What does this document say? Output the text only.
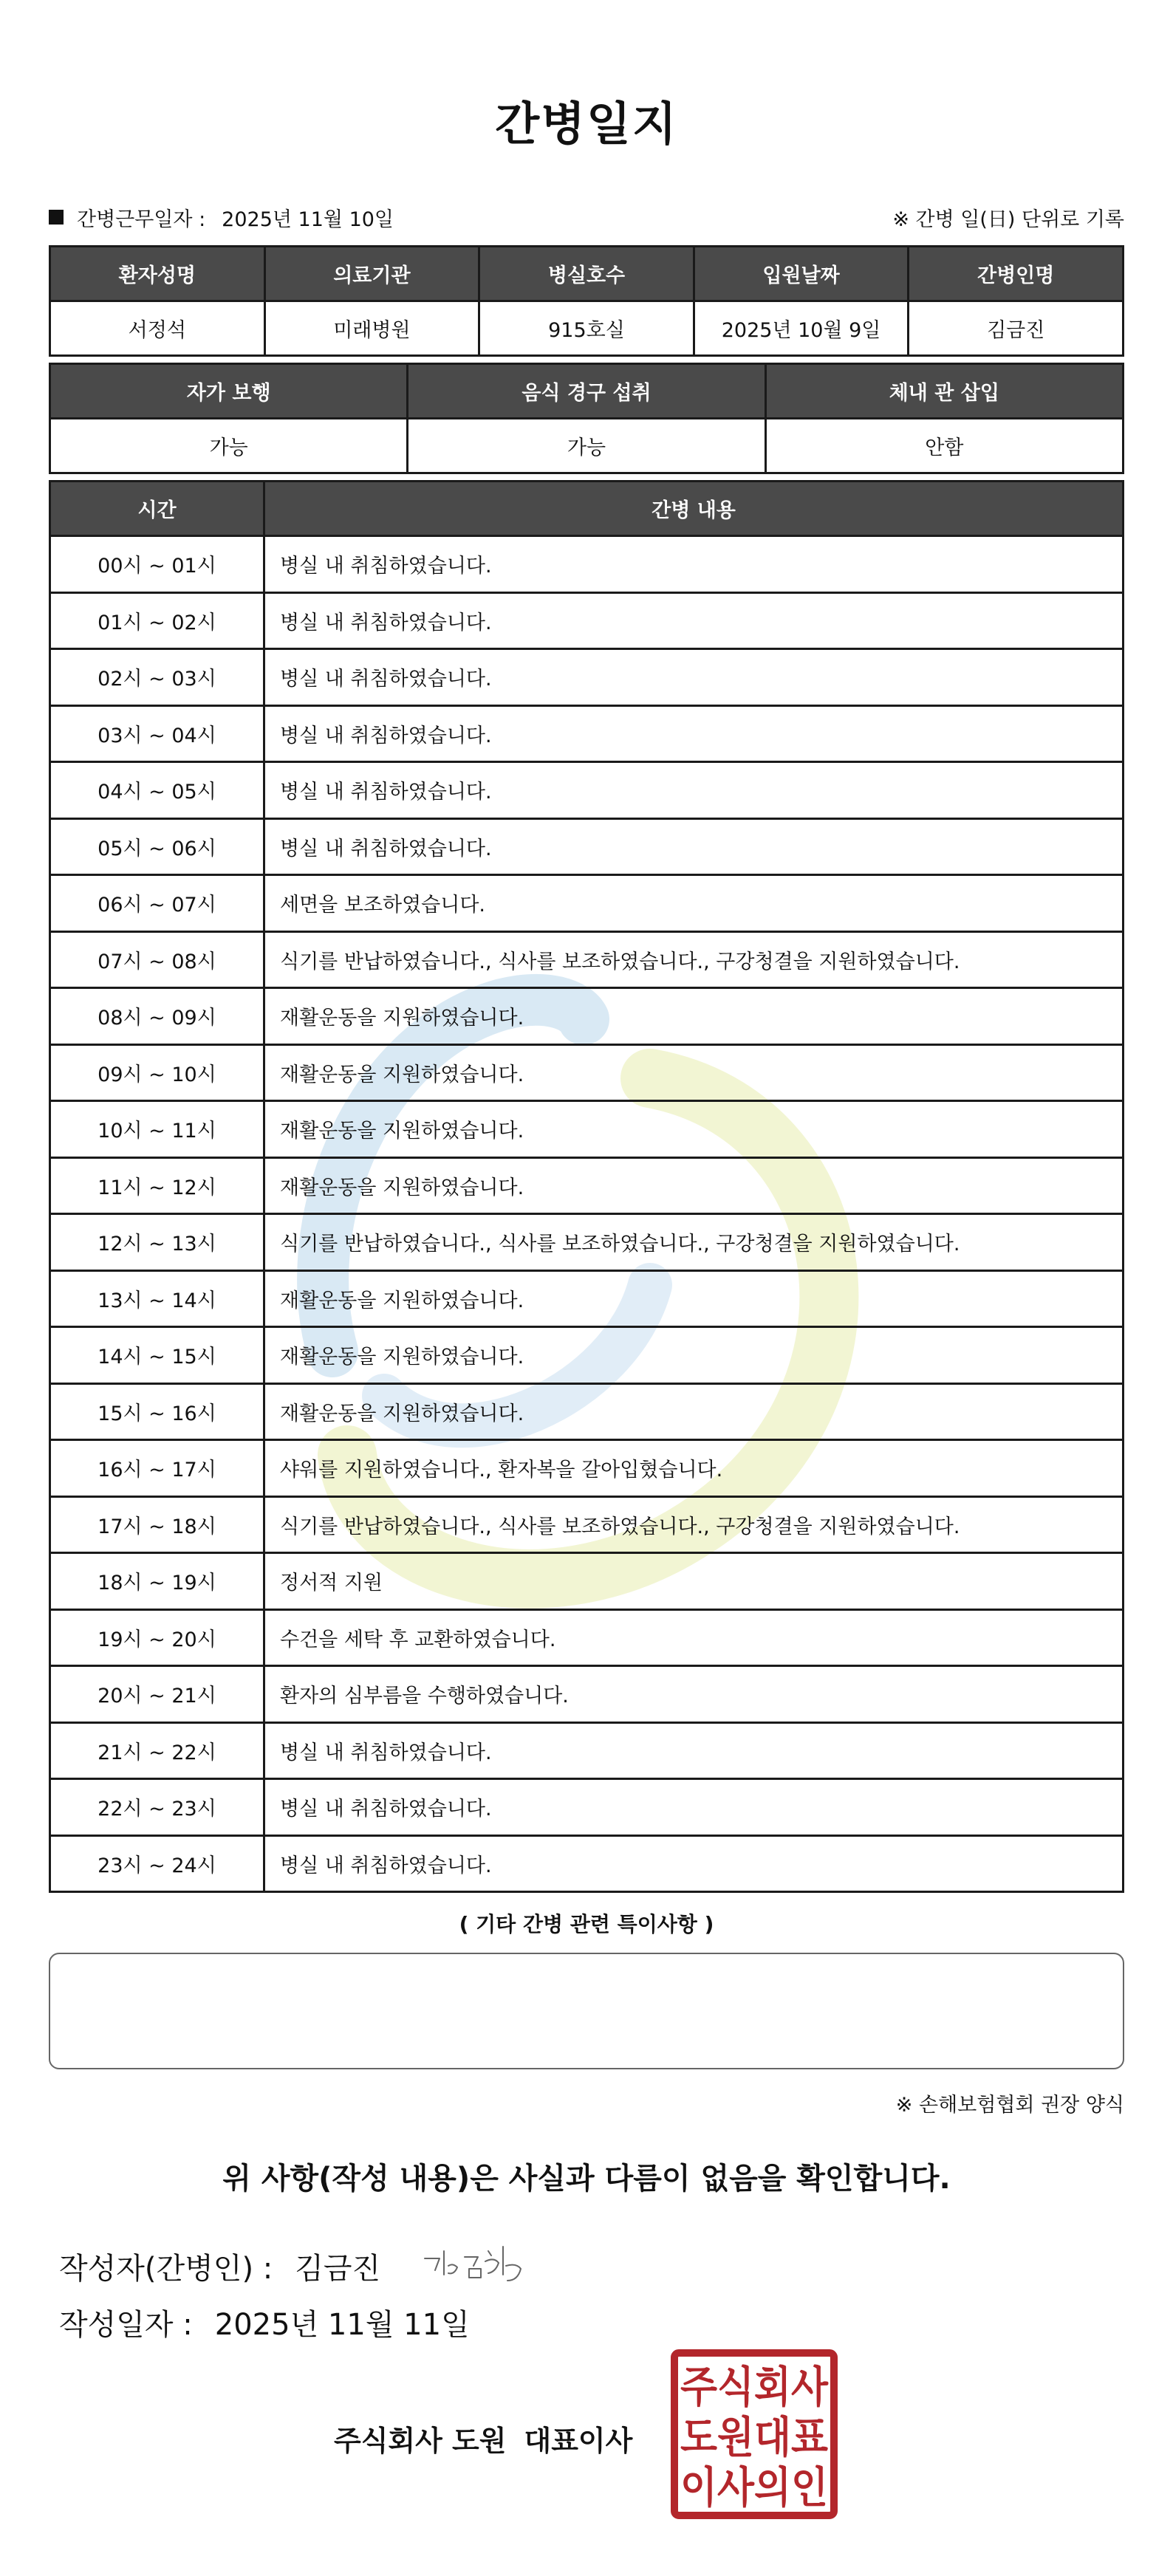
간병일지
간병근무일자 : 2025년 11월 10일	※ 간병 일(日) 단위로 기록
환자성명	의료기관	병실호수	입원날짜	간병인명
서정석	미래병원	915호실	2025년 10월 9일	김금진
자가 보행	음식 경구 섭취	체내 관 삽입
가능	가능	안함
시간	간병 내용
00시 ~ 01시	병실 내 취침하였습니다.
01시 ~ 02시	병실 내 취침하였습니다.
02시 ~ 03시	병실 내 취침하였습니다.
03시 ~ 04시	병실 내 취침하였습니다.
04시 ~ 05시	병실 내 취침하였습니다.
05시 ~ 06시	병실 내 취침하였습니다.
06시 ~ 07시	세면을 보조하였습니다.
07시 ~ 08시	식기를 반납하였습니다., 식사를 보조하였습니다., 구강청결을 지원하였습니다.
08시 ~ 09시	재활운동을 지원하였습니다.
09시 ~ 10시	재활운동을 지원하였습니다.
10시 ~ 11시	재활운동을 지원하였습니다.
11시 ~ 12시	재활운동을 지원하였습니다.
12시 ~ 13시	식기를 반납하였습니다., 식사를 보조하였습니다., 구강청결을 지원하였습니다.
13시 ~ 14시	재활운동을 지원하였습니다.
14시 ~ 15시	재활운동을 지원하였습니다.
15시 ~ 16시	재활운동을 지원하였습니다.
16시 ~ 17시	샤워를 지원하였습니다., 환자복을 갈아입혔습니다.
17시 ~ 18시	식기를 반납하였습니다., 식사를 보조하였습니다., 구강청결을 지원하였습니다.
18시 ~ 19시	정서적 지원
19시 ~ 20시	수건을 세탁 후 교환하였습니다.
20시 ~ 21시	환자의 심부름을 수행하였습니다.
21시 ~ 22시	병실 내 취침하였습니다.
22시 ~ 23시	병실 내 취침하였습니다.
23시 ~ 24시	병실 내 취침하였습니다.
( 기타 간병 관련 특이사항 )
※ 손해보험협회 권장 양식
위 사항(작성 내용)은 사실과 다름이 없음을 확인합니다.
작성자(간병인) : 김금진
작성일자 : 2025년 11월 11일
주식회사 도원 대표이사
주식회사
도원대표
이사의인
